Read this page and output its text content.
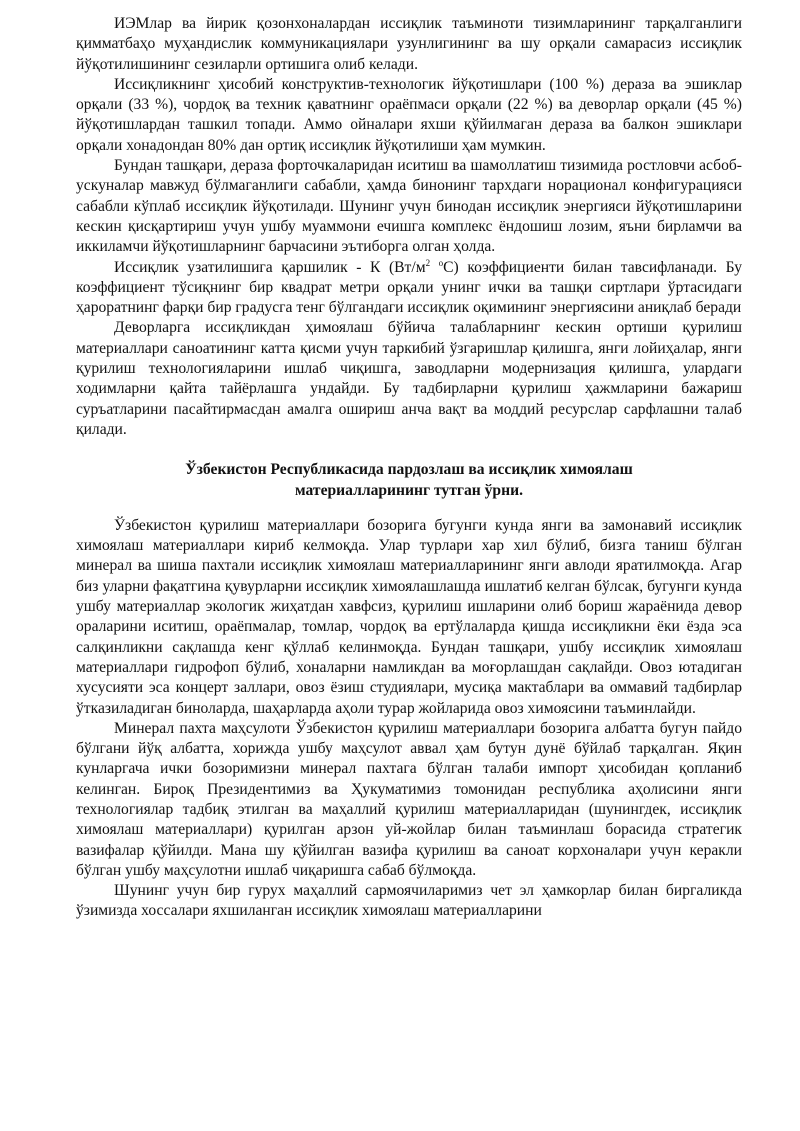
ИЭМлар ва йирик қозонхоналардан иссиқлик таъминоти тизимларининг тарқалганлиги қимматбаҳо муҳандислик коммуникациялари узунлигининг ва шу орқали самарасиз иссиқлик йўқотилишининг сезиларли ортишига олиб келади.

Иссиқликнинг ҳисобий конструктив-технологик йўқотишлари (100 %) дераза ва эшиклар орқали (33 %), чордоқ ва техник қаватнинг ораёпмаси орқали (22 %) ва деворлар орқали (45 %) йўқотишлардан ташкил топади. Аммо ойналари яхши қўйилмаган дераза ва балкон эшиклари орқали хонадондан 80% дан ортиқ иссиқлик йўқотилиши ҳам мумкин.

Бундан ташқари, дераза форточкаларидан иситиш ва шамоллатиш тизимида ростловчи асбоб-ускуналар мавжуд бўлмаганлиги сабабли, ҳамда бинонинг тархдаги норационал конфигурацияси сабабли кўплаб иссиқлик йўқотилади. Шунинг учун бинодан иссиқлик энергияси йўқотишларини кескин қисқартириш учун ушбу муаммони ечишга комплекс ёндошиш лозим, яъни бирламчи ва иккиламчи йўқотишларнинг барчасини эътиборга олган ҳолда.

Иссиқлик узатилишига қаршилик - К ($Вт/м^2$ $^о$С) коэффициенти билан тавсифланади. Бу коэффициент тўсиқнинг бир квадрат метри орқали унинг ички ва ташқи сиртлари ўртасидаги ҳароратнинг фарқи бир градусга тенг бўлгандаги иссиқлик оқимининг энергиясини аниқлаб беради

Деворларга иссиқликдан ҳимоялаш бўйича талабларнинг кескин ортиши қурилиш материаллари саноатининг катта қисми учун таркибий ўзгаришлар қилишга, янги лойиҳалар, янги қурилиш технологияларини ишлаб чиқишга, заводларни модернизация қилишга, улардаги ходимларни қайта тайёрлашга ундайди. Бу тадбирларни қурилиш ҳажмларини бажариш суръатларини пасайтирмасдан амалга ошириш анча вақт ва моддий ресурслар сарфлашни талаб қилади.

Ўзбекистон Республикасида пардозлаш ва иссиқлик химоялаш материалларининг тутган ўрни.

Ўзбекистон қурилиш материаллари бозорига бугунги кунда янги ва замонавий иссиқлик химоялаш материаллари кириб келмоқда. Улар турлари хар хил бўлиб, бизга таниш бўлган минерал ва шиша пахтали иссиқлик химоялаш материалларининг янги авлоди яратилмоқда. Агар биз уларни фақатгина қувурларни иссиқлик химоялашлашда ишлатиб келган бўлсак, бугунги кунда ушбу материаллар экологик жиҳатдан хавфсиз, қурилиш ишларини олиб бориш жараёнида девор ораларини иситиш, ораёпмалар, томлар, чордоқ ва ертўлаларда қишда иссиқликни ёки ёзда эса салқинликни сақлашда кенг қўллаб келинмоқда. Бундан ташқари, ушбу иссиқлик химоялаш материаллари гидрофоп бўлиб, хоналарни намликдан ва моғорлашдан сақлайди. Овоз ютадиган хусусияти эса концерт заллари, овоз ёзиш студиялари, мусиқа мактаблари ва оммавий тадбирлар ўтказиладиган биноларда, шаҳарларда аҳоли турар жойларида овоз химоясини таъминлайди.

Минерал пахта маҳсулоти Ўзбекистон қурилиш материаллари бозорига албатта бугун пайдо бўлгани йўқ албатта, хорижда ушбу маҳсулот аввал ҳам бутун дунё бўйлаб тарқалган. Яқин кунларгача ички бозоримизни минерал пахтага бўлган талаби импорт ҳисобидан қопланиб келинган. Бироқ Президентимиз ва Ҳукуматимиз томонидан республика аҳолисини янги технологиялар тадбиқ этилган ва маҳаллий қурилиш материалларидан (шунингдек, иссиқлик химоялаш материаллари) қурилган арзон уй-жойлар билан таъминлаш борасида стратегик вазифалар қўйилди. Мана шу қўйилган вазифа қурилиш ва саноат корхоналари учун керакли бўлган ушбу маҳсулотни ишлаб чиқаришга сабаб бўлмоқда.

Шунинг учун бир гурух маҳаллий сармоячиларимиз чет эл ҳамкорлар билан биргаликда ўзимизда хоссалари яхшиланган иссиқлик химоялаш материалларини
